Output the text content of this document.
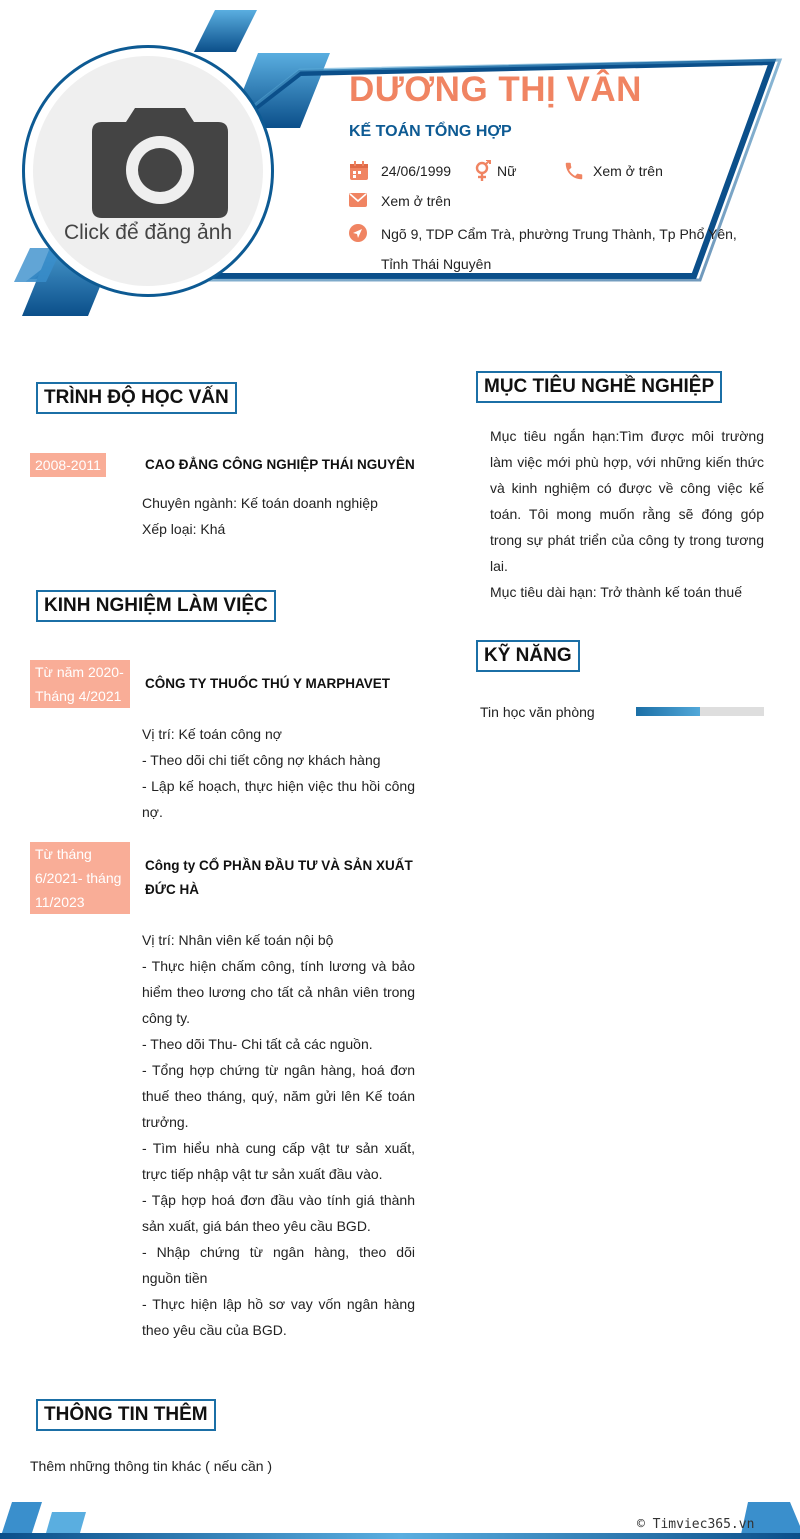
Click để đăng ảnh
DƯƠNG THỊ VÂN
KẾ TOÁN TỔNG HỢP
24/06/1999	Nữ	Xem ở trên
Xem ở trên
Ngõ 9, TDP Cẩm Trà, phường Trung Thành, Tp Phổ Yên,
Tỉnh Thái Nguyên
TRÌNH ĐỘ HỌC VẤN
2008-2011	CAO ĐẲNG CÔNG NGHIỆP THÁI NGUYÊN

Chuyên ngành: Kế toán doanh nghiệp

Xếp loại: Khá

KINH NGHIỆM LÀM VIỆC
Từ năm 2020-
Tháng 4/2021
CÔNG TY THUỐC THÚ Y MARPHAVET

Vị trí: Kế toán công nợ

- Theo dõi chi tiết công nợ khách hàng

- Lập kế hoạch, thực hiện việc thu hồi công nợ.

Từ tháng
6/2021- tháng
11/2023
Công ty CỔ PHẦN ĐẦU TƯ VÀ SẢN XUẤT ĐỨC HÀ

Vị trí: Nhân viên kế toán nội bộ

- Thực hiện chấm công, tính lương và bảo hiểm theo lương cho tất cả nhân viên trong công ty.

- Theo dõi Thu- Chi tất cả các nguồn.

- Tổng hợp chứng từ ngân hàng, hoá đơn thuế theo tháng, quý, năm gửi lên Kế toán trưởng.

- Tìm hiểu nhà cung cấp vật tư sản xuất, trực tiếp nhập vật tư sản xuất đầu vào.

- Tập hợp hoá đơn đầu vào tính giá thành sản xuất, giá bán theo yêu cầu BGD.

- Nhập chứng từ ngân hàng, theo dõi nguồn tiền

- Thực hiện lập hồ sơ vay vốn ngân hàng theo yêu cầu của BGD.

MỤC TIÊU NGHỀ NGHIỆP

Mục tiêu ngắn hạn:Tìm được môi trường làm việc mới phù hợp, với những kiến thức và kinh nghiệm có được về công việc kế toán. Tôi mong muốn rằng sẽ đóng góp trong sự phát triển của công ty trong tương lai.

Mục tiêu dài hạn: Trở thành kế toán thuế

KỸ NĂNG
Tin học văn phòng
THÔNG TIN THÊM
Thêm những thông tin khác ( nếu cần )
© Timviec365.vn
